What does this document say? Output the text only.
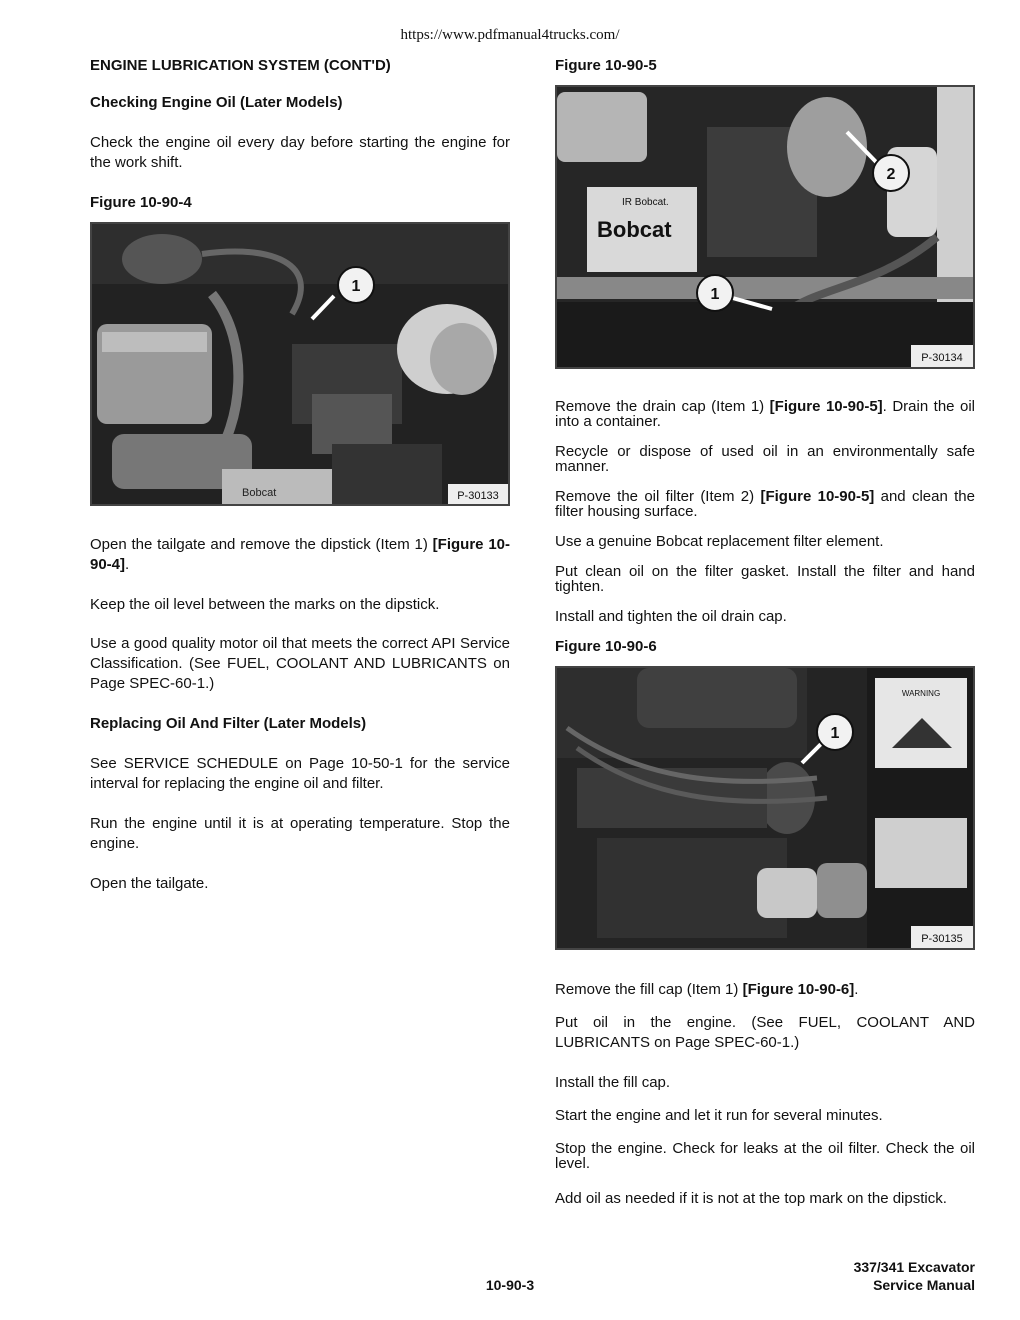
https://www.pdfmanual4trucks.com/
ENGINE LUBRICATION SYSTEM (CONT'D)
Checking Engine Oil (Later Models)
Check the engine oil every day before starting the engine for the work shift.
Figure 10-90-4
Bobcat
1
P-30133
Open the tailgate and remove the dipstick (Item 1) [Figure 10-90-4].
Keep the oil level between the marks on the dipstick.
Use a good quality motor oil that meets the correct API Service Classification. (See FUEL, COOLANT AND LUBRICANTS on Page SPEC-60-1.)
Replacing Oil And Filter (Later Models)
See SERVICE SCHEDULE on Page 10-50-1 for the service interval for replacing the engine oil and filter.
Run the engine until it is at operating temperature. Stop the engine.
Open the tailgate.
Figure 10-90-5
IR Bobcat.
Bobcat
1
2
P-30134
Remove the drain cap (Item 1) [Figure 10-90-5]. Drain the oil into a container.
Recycle or dispose of used oil in an environmentally safe manner.
Remove the oil filter (Item 2) [Figure 10-90-5] and clean the filter housing surface.
Use a genuine Bobcat replacement filter element.
Put clean oil on the filter gasket. Install the filter and hand tighten.
Install and tighten the oil drain cap.
Figure 10-90-6
WARNING
1
P-30135
Remove the fill cap (Item 1) [Figure 10-90-6].
Put oil in the engine. (See FUEL, COOLANT AND LUBRICANTS on Page SPEC-60-1.)
Install the fill cap.
Start the engine and let it run for several minutes.
Stop the engine. Check for leaks at the oil filter. Check the oil level.
Add oil as needed if it is not at the top mark on the dipstick.
10-90-3
337/341 Excavator
Service Manual
